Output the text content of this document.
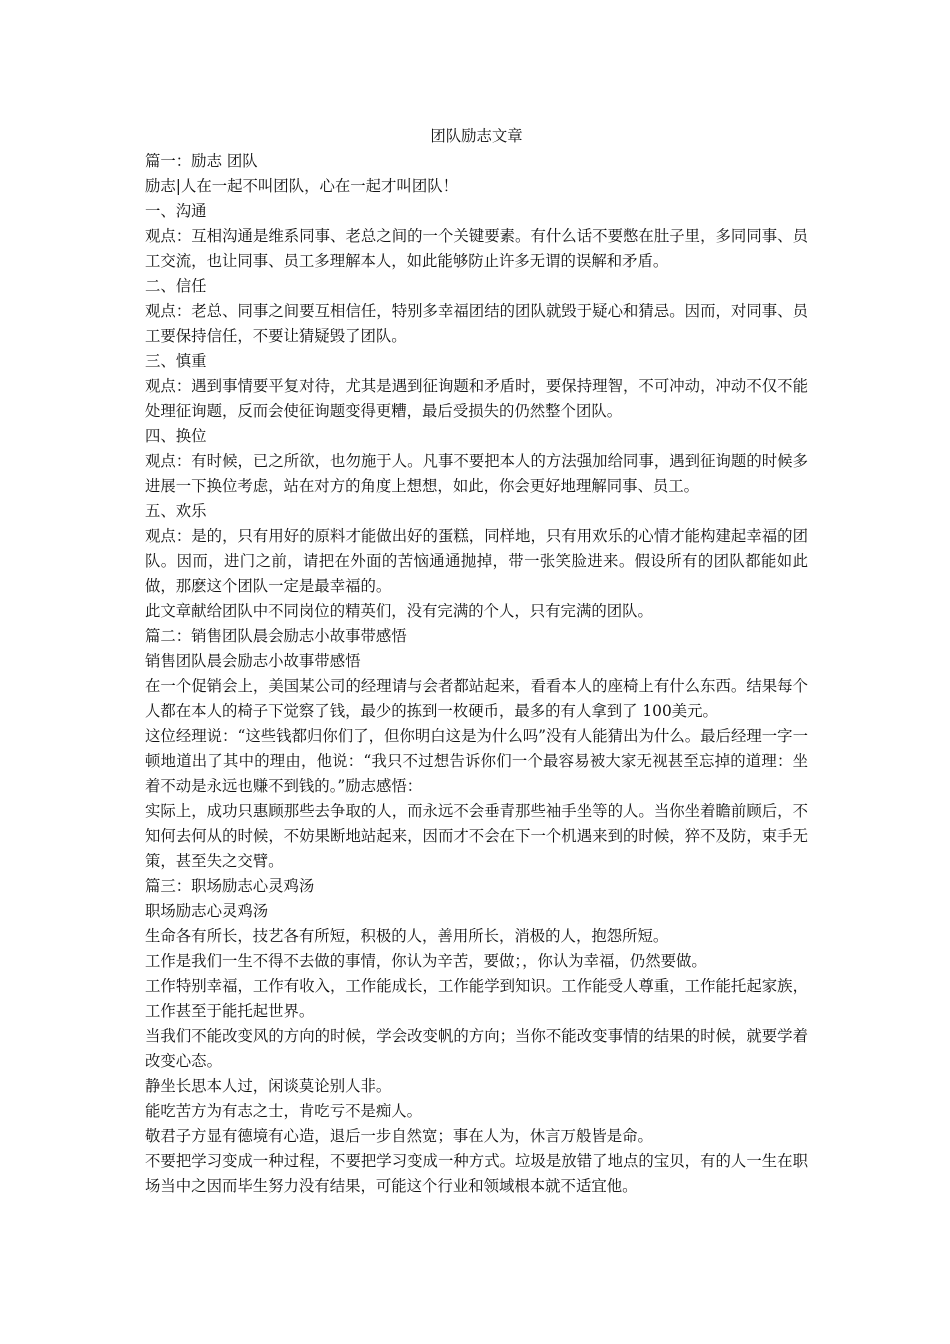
团队励志文章

篇一：励志 团队

励志|人在一起不叫团队，心在一起才叫团队！

一、沟通

观点：互相沟通是维系同事、老总之间的一个关键要素。有什么话不要憋在肚子里，多同同事、员工交流，也让同事、员工多理解本人，如此能够防止许多无谓的误解和矛盾。

二、信任

观点：老总、同事之间要互相信任，特别多幸福团结的团队就毁于疑心和猜忌。因而，对同事、员工要保持信任，不要让猜疑毁了团队。

三、慎重

观点：遇到事情要平复对待，尤其是遇到征询题和矛盾时，要保持理智，不可冲动，冲动不仅不能处理征询题，反而会使征询题变得更糟，最后受损失的仍然整个团队。

四、换位

观点：有时候，已之所欲，也勿施于人。凡事不要把本人的方法强加给同事，遇到征询题的时候多进展一下换位考虑，站在对方的角度上想想，如此，你会更好地理解同事、员工。

五、欢乐

观点：是的，只有用好的原料才能做出好的蛋糕，同样地，只有用欢乐的心情才能构建起幸福的团队。因而，进门之前，请把在外面的苦恼通通抛掉，带一张笑脸进来。假设所有的团队都能如此做，那麽这个团队一定是最幸福的。

此文章献给团队中不同岗位的精英们，没有完满的个人，只有完满的团队。

篇二：销售团队晨会励志小故事带感悟

销售团队晨会励志小故事带感悟

在一个促销会上，美国某公司的经理请与会者都站起来，看看本人的座椅上有什么东西。结果每个人都在本人的椅子下觉察了钱，最少的拣到一枚硬币，最多的有人拿到了 100美元。

这位经理说：“这些钱都归你们了，但你明白这是为什么吗”没有人能猜出为什么。最后经理一字一顿地道出了其中的理由，他说：“我只不过想告诉你们一个最容易被大家无视甚至忘掉的道理：坐着不动是永远也赚不到钱的。”励志感悟：

实际上，成功只惠顾那些去争取的人，而永远不会垂青那些袖手坐等的人。当你坐着瞻前顾后，不知何去何从的时候，不妨果断地站起来，因而才不会在下一个机遇来到的时候，猝不及防，束手无策，甚至失之交臂。

篇三：职场励志心灵鸡汤

职场励志心灵鸡汤

生命各有所长，技艺各有所短，积极的人，善用所长，消极的人，抱怨所短。

工作是我们一生不得不去做的事情，你认为辛苦，要做；，你认为幸福，仍然要做。

工作特别幸福，工作有收入，工作能成长，工作能学到知识。工作能受人尊重，工作能托起家族，工作甚至于能托起世界。

当我们不能改变风的方向的时候，学会改变帆的方向；当你不能改变事情的结果的时候，就要学着改变心态。

静坐长思本人过，闲谈莫论别人非。

能吃苦方为有志之士，肯吃亏不是痴人。

敬君子方显有德境有心造，退后一步自然宽；事在人为，休言万般皆是命。

不要把学习变成一种过程，不要把学习变成一种方式。垃圾是放错了地点的宝贝，有的人一生在职场当中之因而毕生努力没有结果，可能这个行业和领域根本就不适宜他。
